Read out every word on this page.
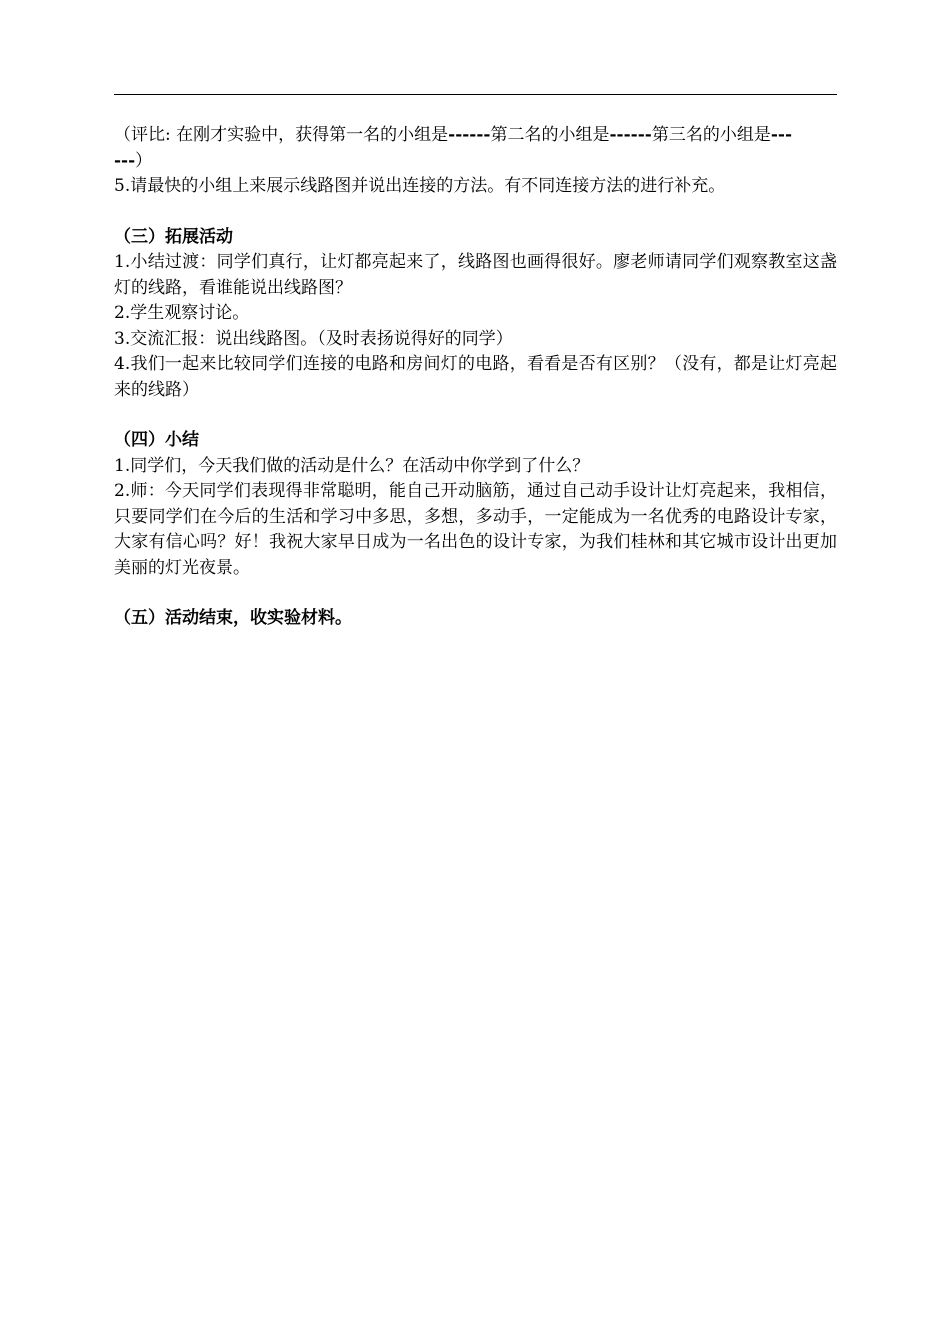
（评比: 在刚才实验中，获得第一名的小组是------第二名的小组是------第三名的小组是---
---）
5.请最快的小组上来展示线路图并说出连接的方法。有不同连接方法的进行补充。
（三）拓展活动
1.小结过渡：同学们真行，让灯都亮起来了，线路图也画得很好。廖老师请同学们观察教室这盏灯的线路，看谁能说出线路图？
2.学生观察讨论。
3.交流汇报：说出线路图。（及时表扬说得好的同学）
4.我们一起来比较同学们连接的电路和房间灯的电路，看看是否有区别？（没有，都是让灯亮起来的线路）
（四）小结
1.同学们，今天我们做的活动是什么？在活动中你学到了什么？
2.师：今天同学们表现得非常聪明，能自己开动脑筋，通过自己动手设计让灯亮起来，我相信，只要同学们在今后的生活和学习中多思，多想，多动手，一定能成为一名优秀的电路设计专家，大家有信心吗？好！我祝大家早日成为一名出色的设计专家，为我们桂林和其它城市设计出更加美丽的灯光夜景。
（五）活动结束，收实验材料。
